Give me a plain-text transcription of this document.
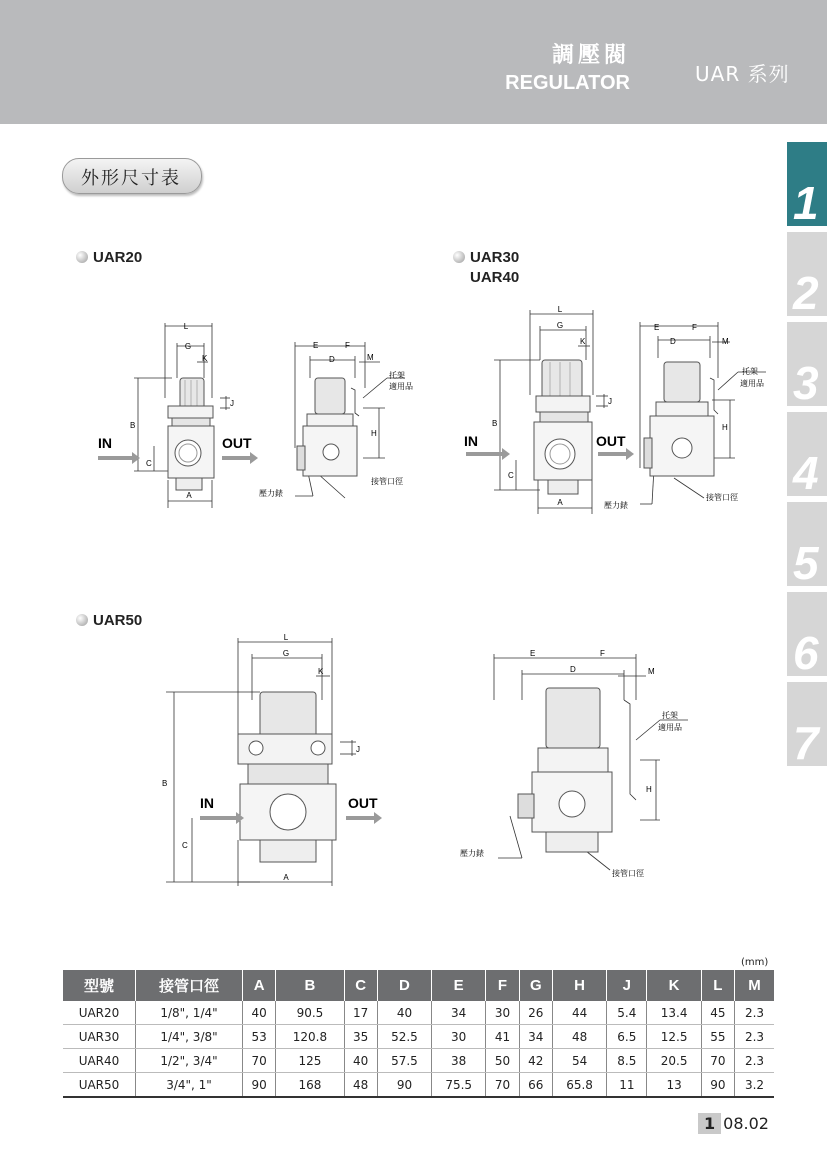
調壓閥
REGULATOR	UAR 系列
外形尺寸表	1
2
3
4
5
6
7
UAR20	UAR30
UAR40
UAR50
L
G
K
J
B
C
A
IN	OUT
E	F
D	M
H
托架
適用品
壓力錶
接管口徑
L
G
K
J
B
C
A
IN	OUT
E	F
D	M
H
托架
適用品
壓力錶
接管口徑
L
G
K
J
B
C
A
IN	OUT
E	F
D	M
H
托架
適用品
壓力錶
接管口徑
(mm)
型號	接管口徑	A	B	C	D	E	F	G	H	J	K	L	M
UAR20	1/8", 1/4"	40	90.5	17	40	34	30	26	44	5.4	13.4	45	2.3
UAR30	1/4", 3/8"	53	120.8	35	52.5	30	41	34	48	6.5	12.5	55	2.3
UAR40	1/2", 3/4"	70	125	40	57.5	38	50	42	54	8.5	20.5	70	2.3
UAR50	3/4", 1"	90	168	48	90	75.5	70	66	65.8	11	13	90	3.2
1 08.02
